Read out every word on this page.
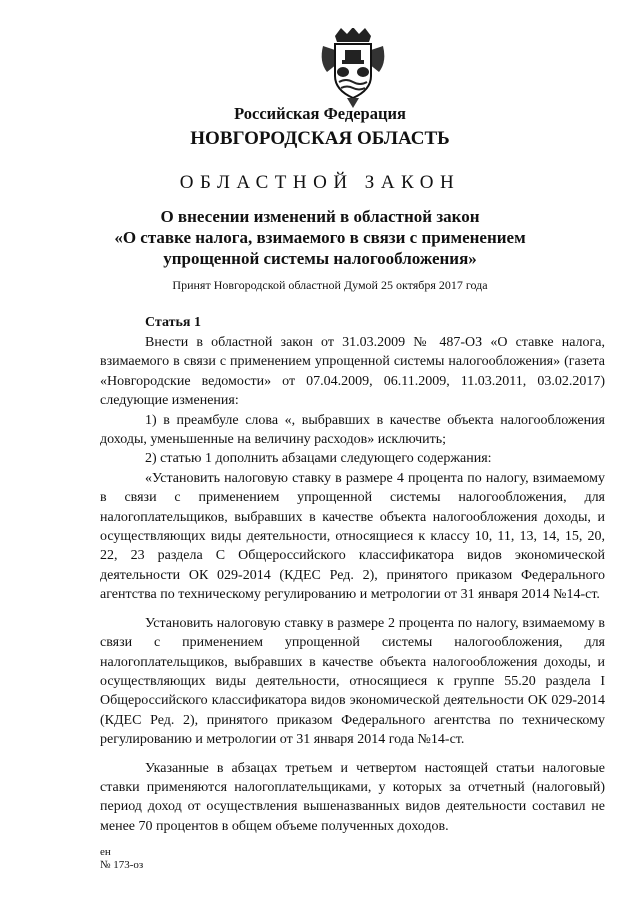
Российская Федерация
НОВГОРОДСКАЯ ОБЛАСТЬ
ОБЛАСТНОЙ ЗАКОН
О внесении изменений в областной закон
«О ставке налога, взимаемого в связи с применением
упрощенной системы налогообложения»
Принят Новгородской областной Думой 25 октября 2017 года
Статья 1

Внести в областной закон от 31.03.2009 № 487-ОЗ «О ставке налога, взимаемого в связи с применением упрощенной системы налогообложения» (газета «Новгородские ведомости» от 07.04.2009, 06.11.2009, 11.03.2011, 03.02.2017) следующие изменения:

1) в преамбуле слова «, выбравших в качестве объекта налогообложения доходы, уменьшенные на величину расходов» исключить;

2) статью 1 дополнить абзацами следующего содержания:

«Установить налоговую ставку в размере 4 процента по налогу, взимаемому в связи с применением упрощенной системы налогообложения, для налогоплательщиков, выбравших в качестве объекта налогообложения доходы, и осуществляющих виды деятельности, относящиеся к классу 10, 11, 13, 14, 15, 20, 22, 23 раздела С Общероссийского классификатора видов экономической деятельности ОК 029-2014 (КДЕС Ред. 2), принятого приказом Федерального агентства по техническому регулированию и метрологии от 31 января 2014 №14-ст.

Установить налоговую ставку в размере 2 процента по налогу, взимаемому в связи с применением упрощенной системы налогообложения, для налогоплательщиков, выбравших в качестве объекта налогообложения доходы, и осуществляющих виды деятельности, относящиеся к группе 55.20 раздела I Общероссийского классификатора видов экономической деятельности ОК 029-2014 (КДЕС Ред. 2), принятого приказом Федерального агентства по техническому регулированию и метрологии от 31 января 2014 года №14-ст.

Указанные в абзацах третьем и четвертом настоящей статьи налоговые ставки применяются налогоплательщиками, у которых за отчетный (налоговый) период доход от осуществления вышеназванных видов деятельности составил не менее 70 процентов в общем объеме полученных доходов.

ен
№ 173-оз
